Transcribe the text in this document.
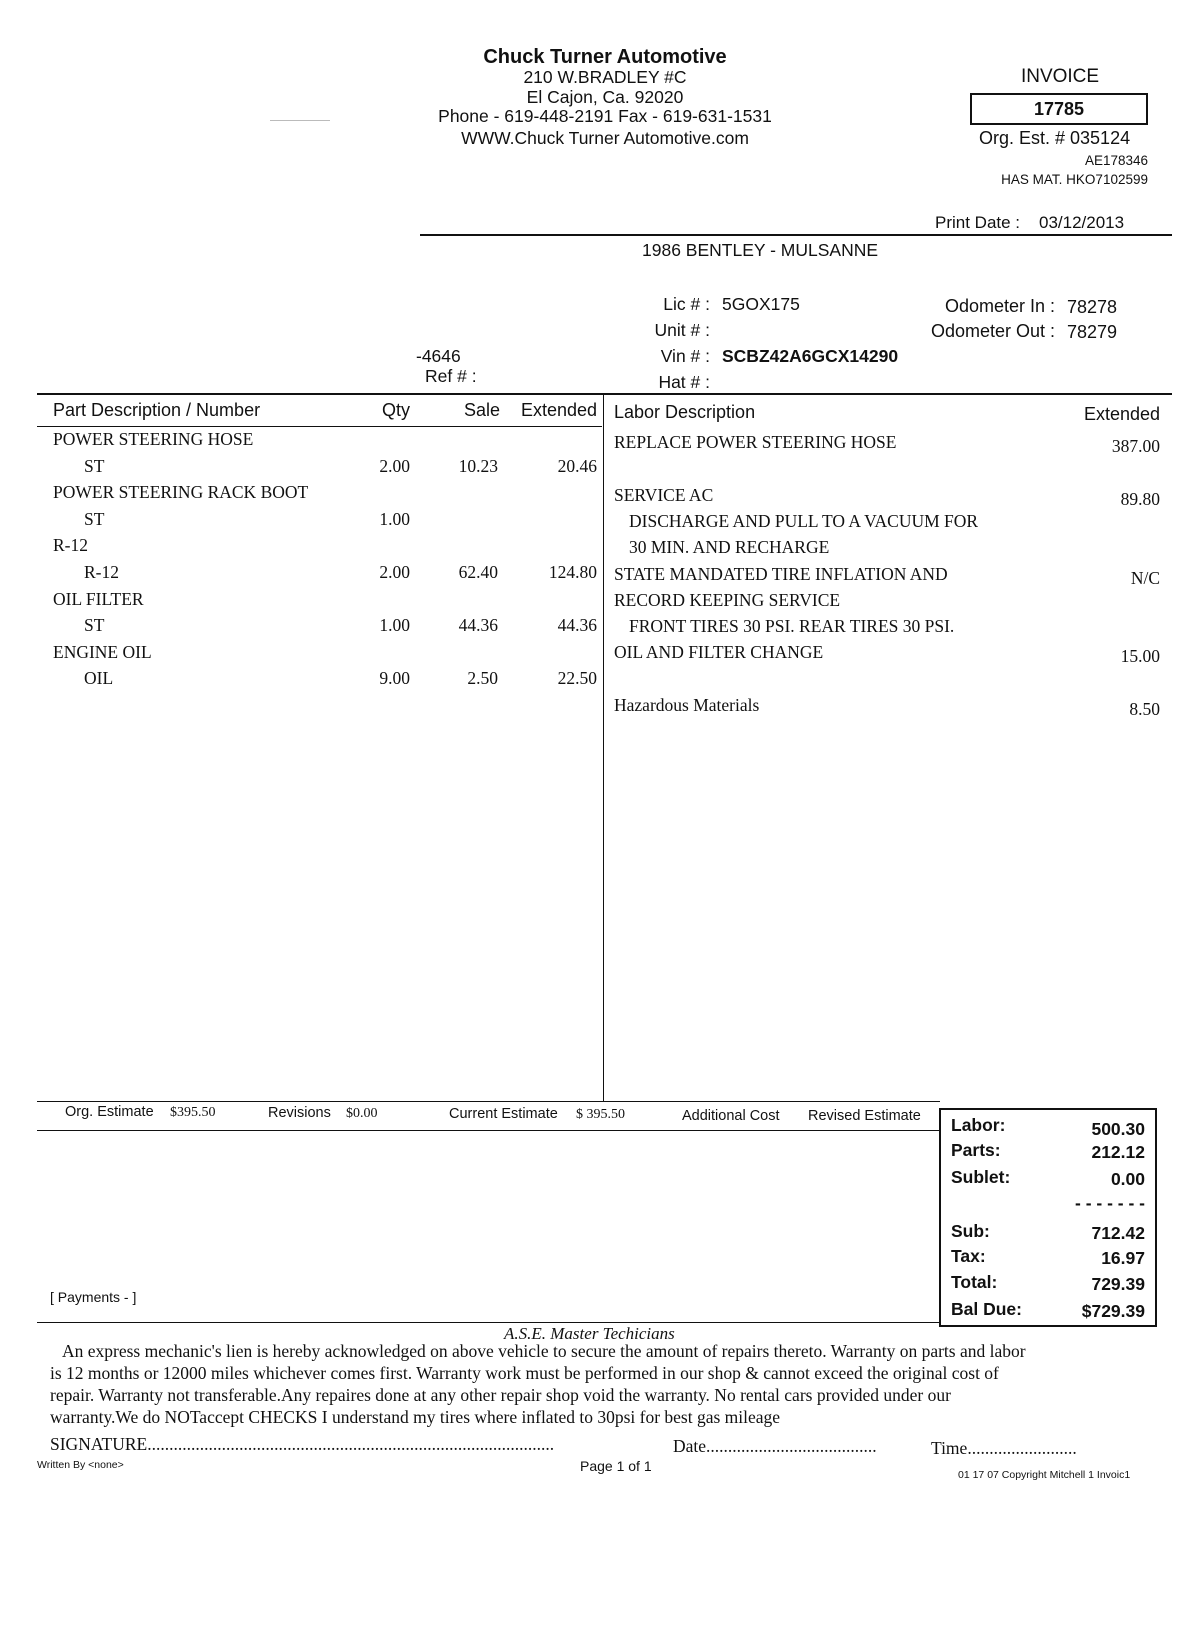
Chuck Turner Automotive
210 W.BRADLEY #C
El Cajon, Ca. 92020
Phone - 619-448-2191 Fax - 619-631-1531
WWW.Chuck Turner Automotive.com
INVOICE
17785
Org. Est. # 035124
AE178346
HAS MAT. HKO7102599
Print Date : 03/12/2013
1986 BENTLEY - MULSANNE
Lic # : 5GOX175
Unit # :
Vin # : SCBZ42A6GCX14290
Hat # :
Odometer In : 78278
Odometer Out : 78279
-4646
Ref # :
Part Description / Number	Qty	Sale	Extended Labor Description	Extended
POWER STEERING HOSE
ST	2.00	10.23	20.46
POWER STEERING RACK BOOT
ST	1.00
R-12
R-12	2.00	62.40	124.80
OIL FILTER
ST	1.00	44.36	44.36
ENGINE OIL
OIL	9.00	2.50	22.50
REPLACE POWER STEERING HOSE	387.00
SERVICE AC	89.80
DISCHARGE AND PULL TO A VACUUM FOR
30 MIN. AND RECHARGE
STATE MANDATED TIRE INFLATION AND	N/C
RECORD KEEPING SERVICE
FRONT TIRES 30 PSI. REAR TIRES 30 PSI.
OIL AND FILTER CHANGE	15.00
Hazardous Materials	8.50
Org. Estimate $395.50	Revisions $0.00	Current Estimate $ 395.50	Additional Cost Revised Estimate
[ Payments - ]
Labor:	500.30
Parts:	212.12
Sublet:	0.00
- - - - - - -
Sub:	712.42
Tax:	16.97
Total:	729.39
Bal Due:	$729.39
A.S.E. Master Techicians
An express mechanic's lien is hereby acknowledged on above vehicle to secure the amount of repairs thereto. Warranty on parts and labor
is 12 months or 12000 miles whichever comes first. Warranty work must be performed in our shop & cannot exceed the original cost of
repair. Warranty not transferable.Any repaires done at any other repair shop void the warranty. No rental cars provided under our
warranty.We do NOTaccept CHECKS I understand my tires where inflated to 30psi for best gas mileage
SIGNATURE.............................................................................................	Date.......................................	Time.........................
Written By <none>	Page 1 of 1
01 17 07 Copyright Mitchell 1 Invoic1
